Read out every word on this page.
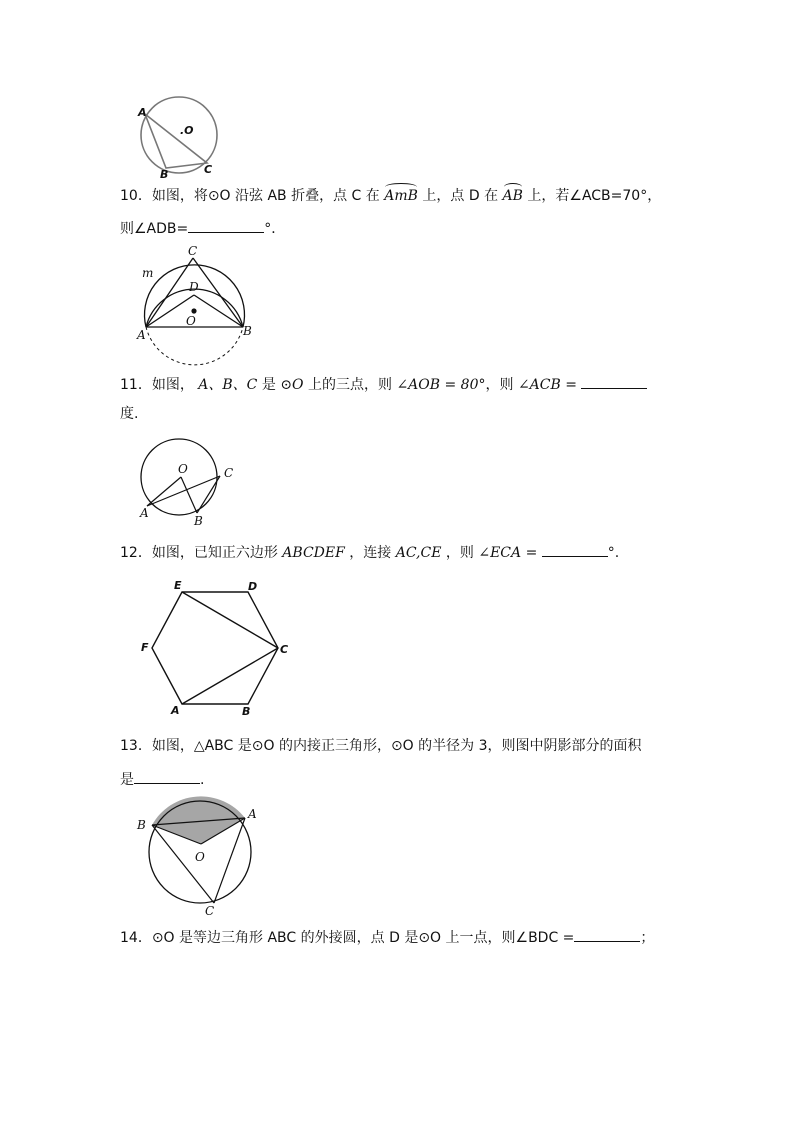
A
.O
B	C
10．如图，将⊙O 沿弦 AB 折叠，点 C 在 AmB 上，点 D 在 AB 上，若∠ACB=70°，
则∠ADB=	°．
C
m
D
O
A	B
11．如图， A、B、C 是 ⊙O 上的三点，则 ∠AOB = 80°，则 ∠ACB =
度.
O	C
A
B
12．如图，已知正六边形 ABCDEF ，连接 AC,CE ，则 ∠ECA =	°.
E	D
F	C
A	B
13．如图，△ABC 是⊙O 的内接正三角形，⊙O 的半径为 3，则图中阴影部分的面积
是	.
B
A
O
C
14．⊙O 是等边三角形 ABC 的外接圆，点 D 是⊙O 上一点，则∠BDC =	；
